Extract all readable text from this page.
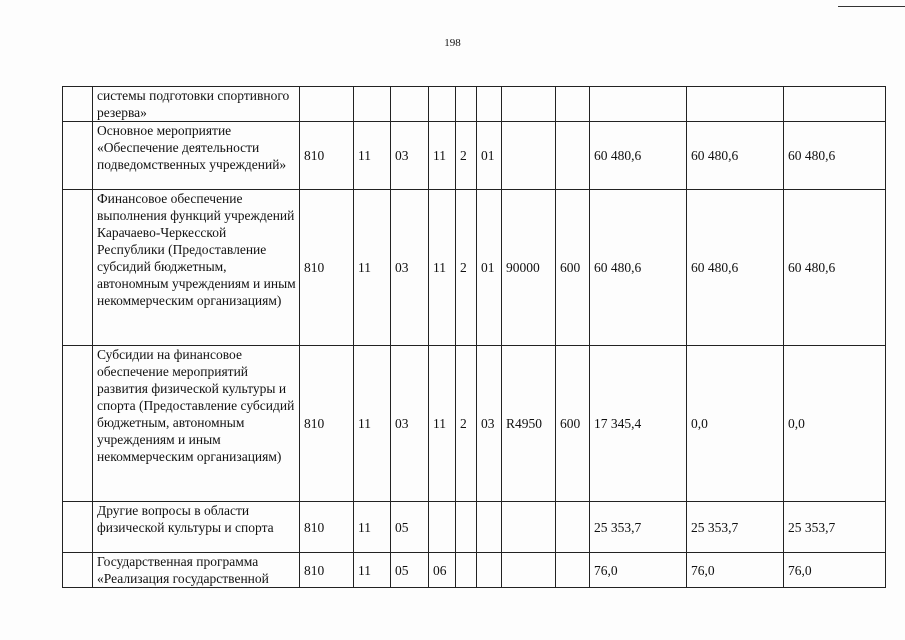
198
	системы подготовки спортивного резерва»											
	Основное мероприятие «Обеспечение деятельности подведомственных учреждений»	810	11	03	11	2	01			60 480,6	60 480,6	60 480,6
	Финансовое обеспечение выполнения функций учреждений Карачаево-Черкесской Республики (Предоставление субсидий бюджетным, автономным учреждениям и иным некоммерческим организациям)	810	11	03	11	2	01	90000	600	60 480,6	60 480,6	60 480,6
	Субсидии на финансовое обеспечение мероприятий развития физической культуры и спорта (Предоставление субсидий бюджетным, автономным учреждениям и иным некоммерческим организациям)	810	11	03	11	2	03	R4950	600	17 345,4	0,0	0,0
	Другие вопросы в области физической культуры и спорта	810	11	05						25 353,7	25 353,7	25 353,7
	Государственная программа «Реализация государственной	810	11	05	06					76,0	76,0	76,0
